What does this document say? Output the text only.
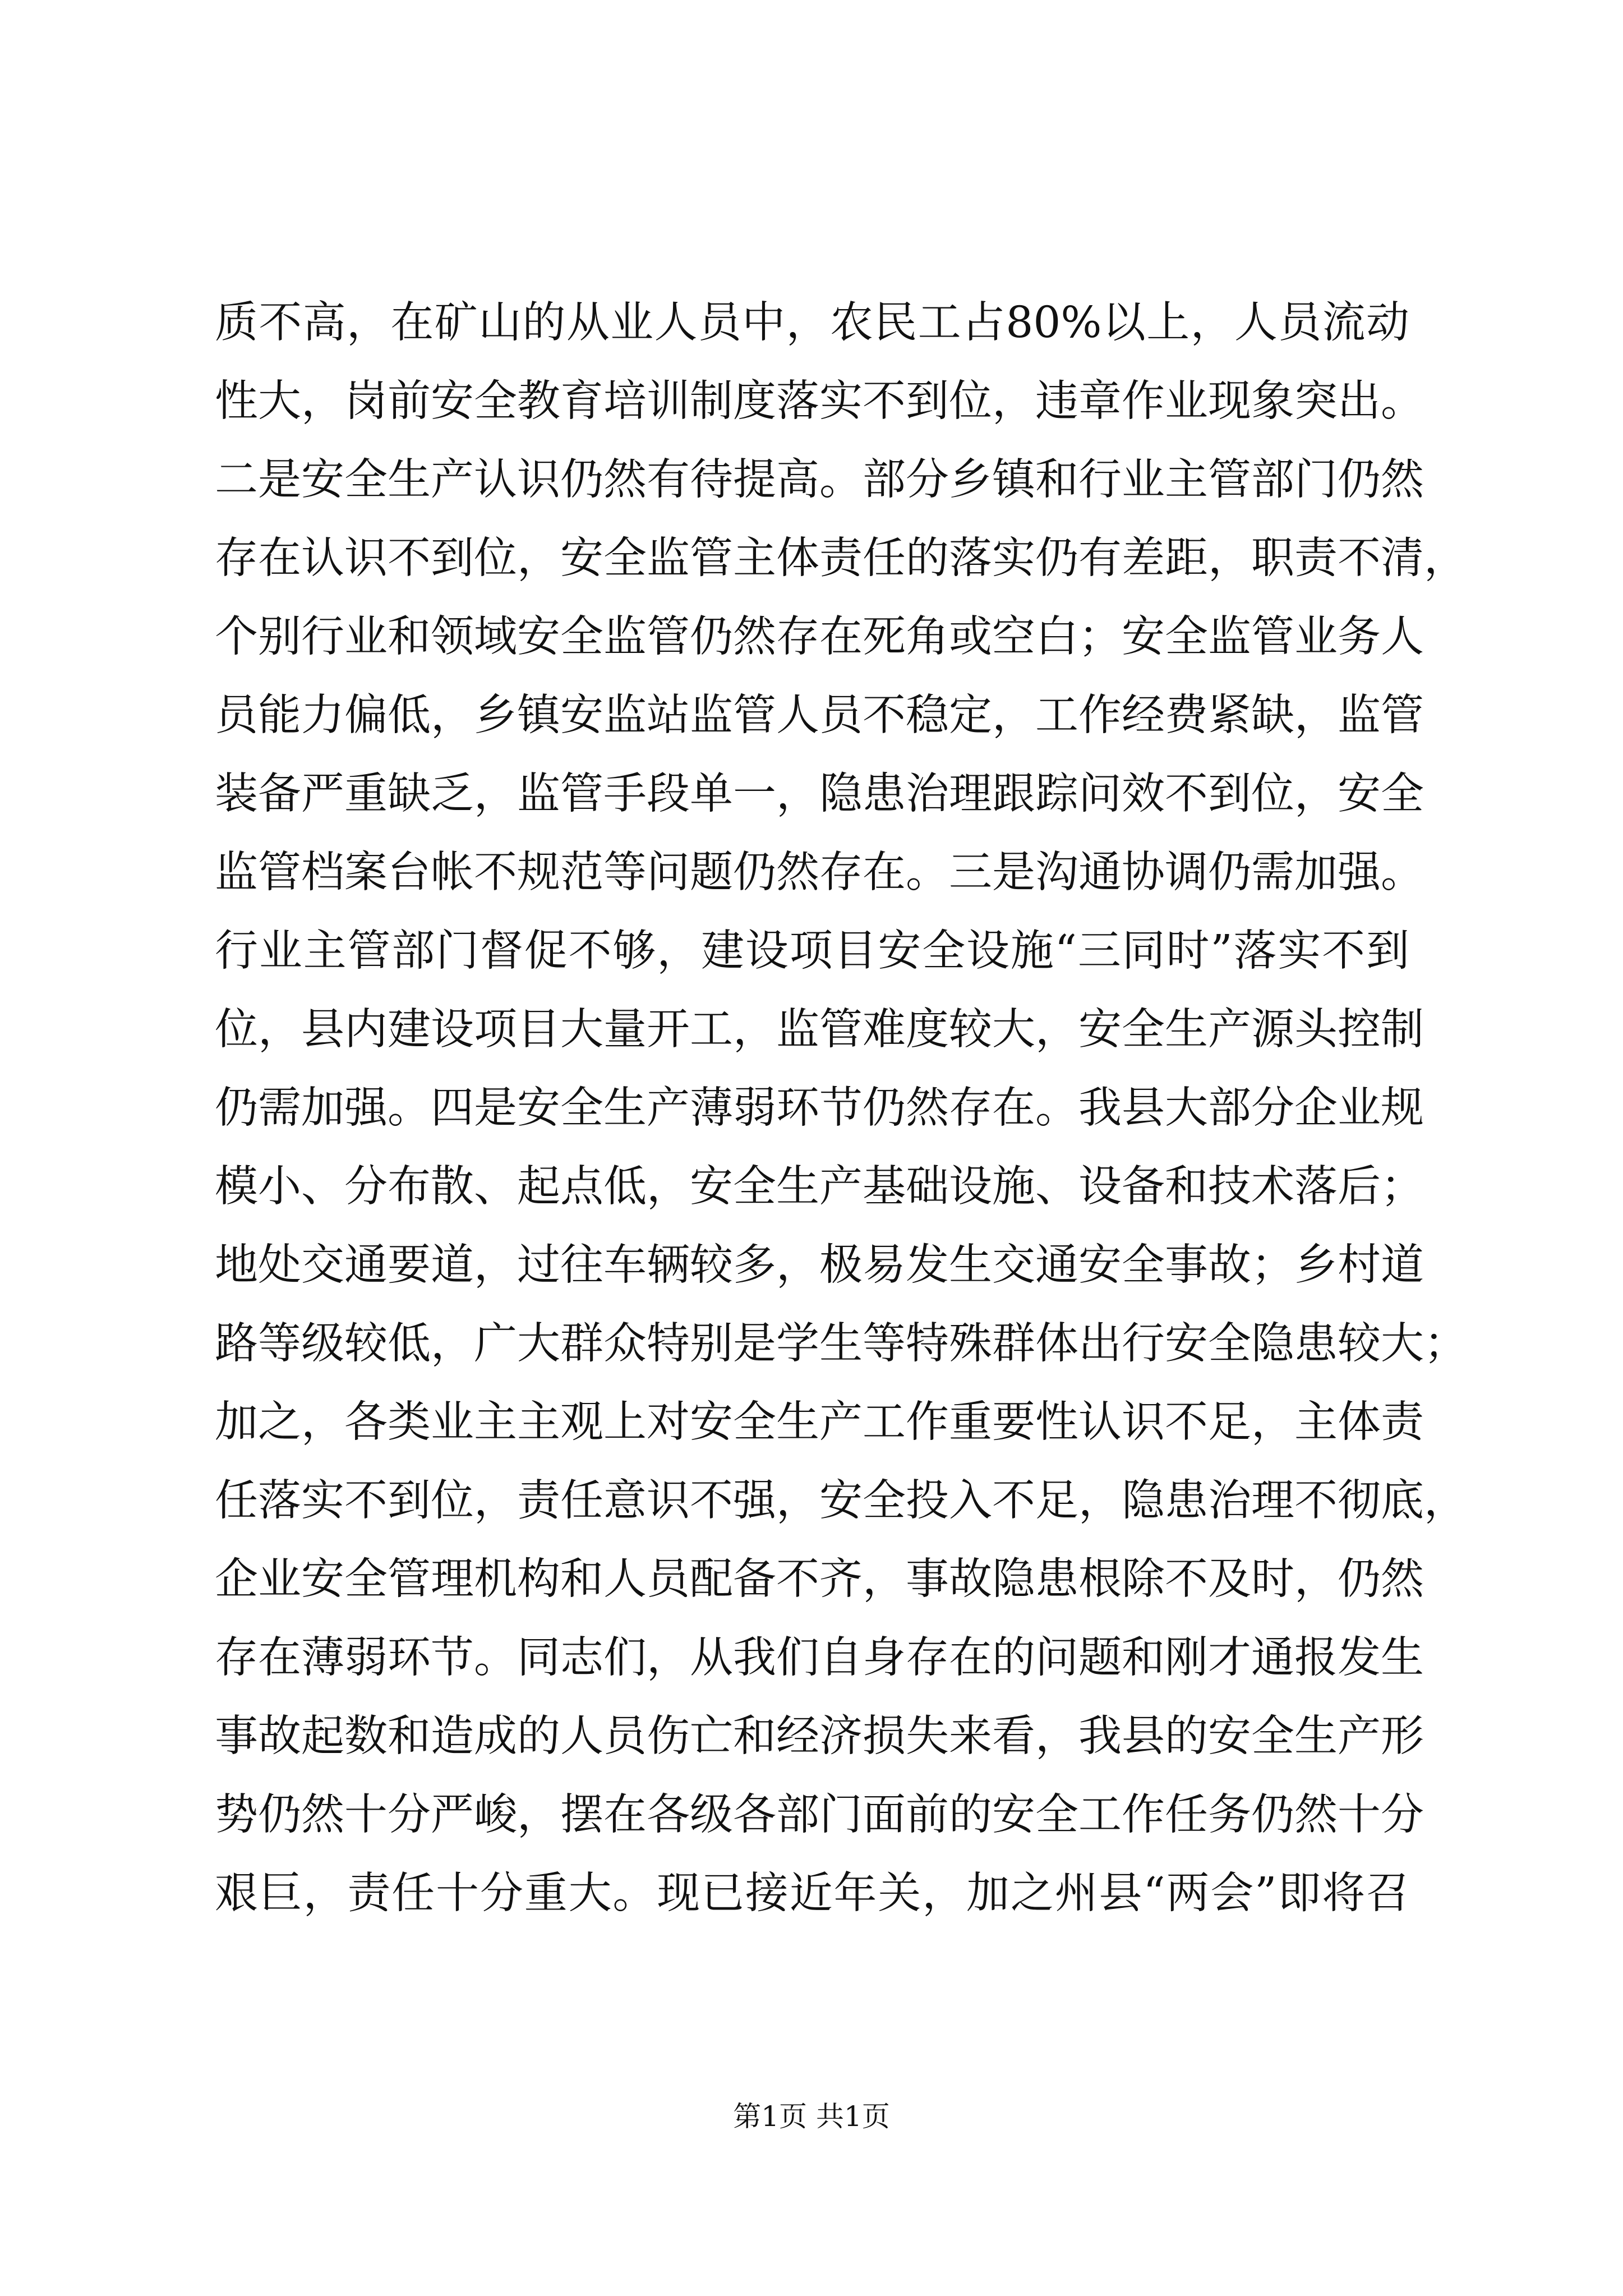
质不高，在矿山的从业人员中，农民工占80%以上，人员流动
性大，岗前安全教育培训制度落实不到位，违章作业现象突出。
二是安全生产认识仍然有待提高。部分乡镇和行业主管部门仍然
存在认识不到位，安全监管主体责任的落实仍有差距，职责不清，
个别行业和领域安全监管仍然存在死角或空白；安全监管业务人
员能力偏低，乡镇安监站监管人员不稳定，工作经费紧缺，监管
装备严重缺乏，监管手段单一，隐患治理跟踪问效不到位，安全
监管档案台帐不规范等问题仍然存在。三是沟通协调仍需加强。
行业主管部门督促不够，建设项目安全设施“三同时”落实不到
位，县内建设项目大量开工，监管难度较大，安全生产源头控制
仍需加强。四是安全生产薄弱环节仍然存在。我县大部分企业规
模小、分布散、起点低，安全生产基础设施、设备和技术落后；
地处交通要道，过往车辆较多，极易发生交通安全事故；乡村道
路等级较低，广大群众特别是学生等特殊群体出行安全隐患较大；
加之，各类业主主观上对安全生产工作重要性认识不足，主体责
任落实不到位，责任意识不强，安全投入不足，隐患治理不彻底，
企业安全管理机构和人员配备不齐，事故隐患根除不及时，仍然
存在薄弱环节。同志们，从我们自身存在的问题和刚才通报发生
事故起数和造成的人员伤亡和经济损失来看，我县的安全生产形
势仍然十分严峻，摆在各级各部门面前的安全工作任务仍然十分
艰巨，责任十分重大。现已接近年关，加之州县“两会”即将召
第1页 共1页
